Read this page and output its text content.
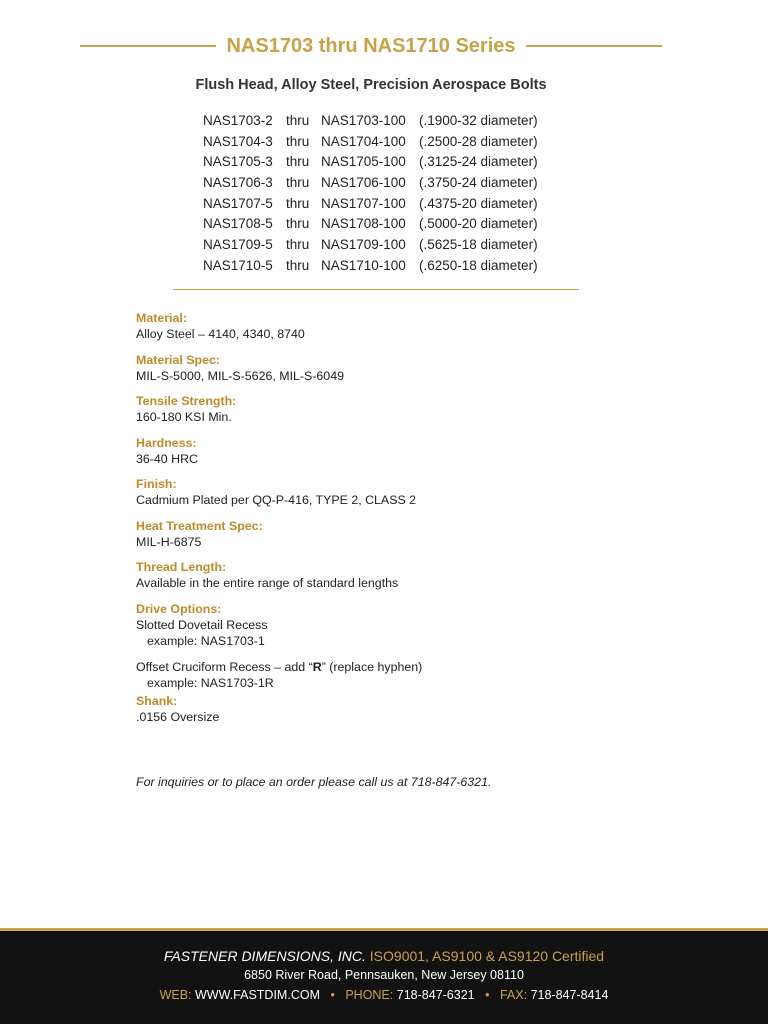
NAS1703 thru NAS1710 Series
Flush Head, Alloy Steel, Precision Aerospace Bolts
NAS1703-2	thru	NAS1703-100	(.1900-32 diameter)
NAS1704-3	thru	NAS1704-100	(.2500-28 diameter)
NAS1705-3	thru	NAS1705-100	(.3125-24 diameter)
NAS1706-3	thru	NAS1706-100	(.3750-24 diameter)
NAS1707-5	thru	NAS1707-100	(.4375-20 diameter)
NAS1708-5	thru	NAS1708-100	(.5000-20 diameter)
NAS1709-5	thru	NAS1709-100	(.5625-18 diameter)
NAS1710-5	thru	NAS1710-100	(.6250-18 diameter)
Material:
Alloy Steel – 4140, 4340, 8740
Material Spec:
MIL-S-5000, MIL-S-5626, MIL-S-6049
Tensile Strength:
160-180 KSI Min.
Hardness:
36-40 HRC
Finish:
Cadmium Plated per QQ-P-416, TYPE 2, CLASS 2
Heat Treatment Spec:
MIL-H-6875
Thread Length:
Available in the entire range of standard lengths
Drive Options:
Slotted Dovetail Recess
example: NAS1703-1
Offset Cruciform Recess – add “R” (replace hyphen)
example: NAS1703-1R
Shank:
.0156 Oversize
For inquiries or to place an order please call us at 718-847-6321.
FASTENER DIMENSIONS, INC. ISO9001, AS9100 & AS9120 Certified
6850 River Road, Pennsauken, New Jersey 08110
WEB: WWW.FASTDIM.COM • PHONE: 718-847-6321 • FAX: 718-847-8414
